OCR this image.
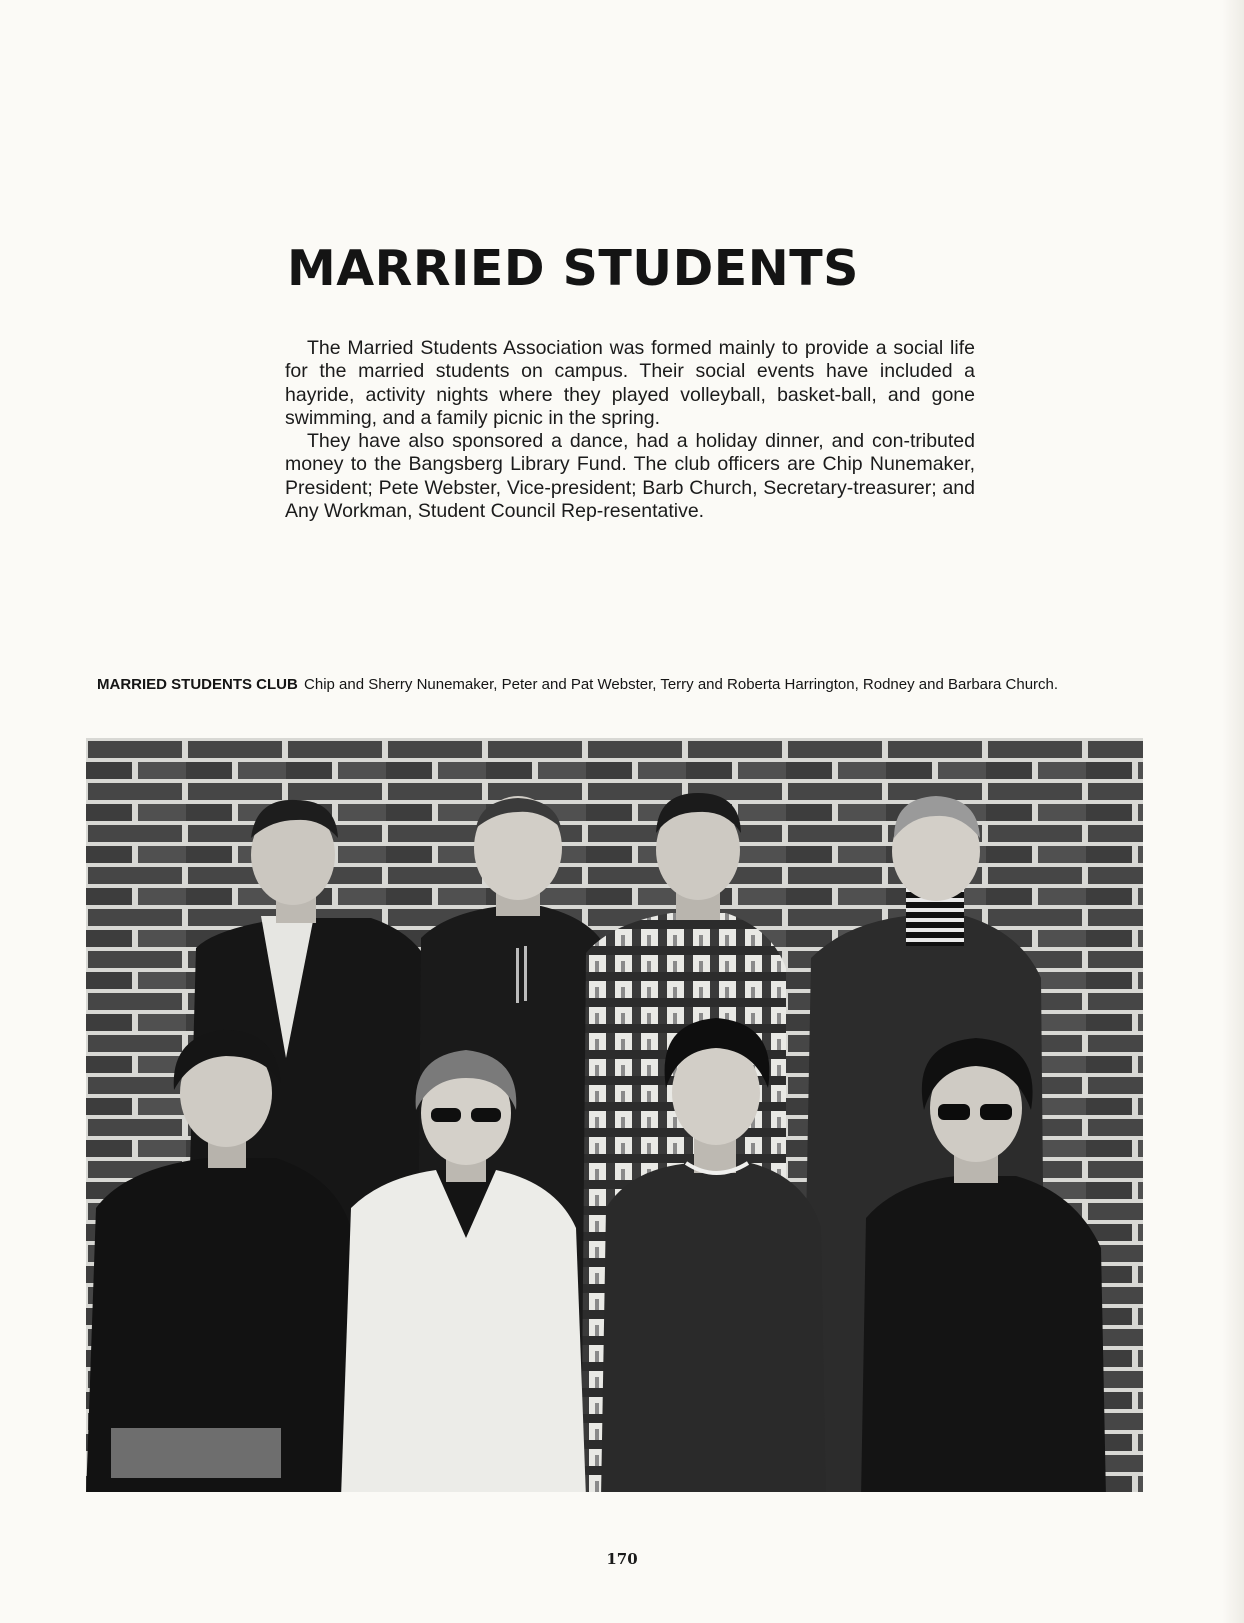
MARRIED STUDENTS

The Married Students Association was formed mainly to provide a social life for the married students on campus. Their social events have included a hayride, activity nights where they played volleyball, basket-ball, and gone swimming, and a family picnic in the spring.

They have also sponsored a dance, had a holiday dinner, and con-tributed money to the Bangsberg Library Fund. The club officers are Chip Nunemaker, President; Pete Webster, Vice-president; Barb Church, Secretary-treasurer; and Any Workman, Student Council Rep-resentative.

MARRIED STUDENTS CLUB Chip and Sherry Nunemaker, Peter and Pat Webster, Terry and Roberta Harrington, Rodney and Barbara Church.
170
